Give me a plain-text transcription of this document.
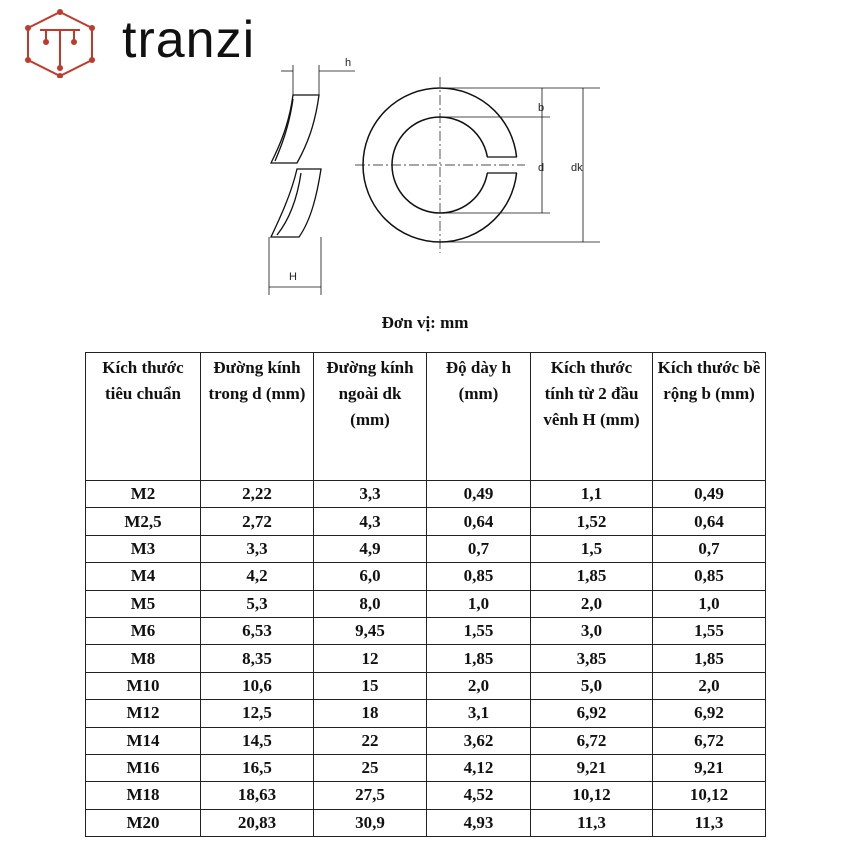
tranzi	h
H
b
d dk
Đơn vị: mm
Kích thước tiêu chuẩn	Đường kính trong d (mm)	Đường kính ngoài dk (mm)	Độ dày h (mm)	Kích thước tính từ 2 đầu vênh H (mm)	Kích thước bề rộng b (mm)
M2	2,22	3,3	0,49	1,1	0,49
M2,5	2,72	4,3	0,64	1,52	0,64
M3	3,3	4,9	0,7	1,5	0,7
M4	4,2	6,0	0,85	1,85	0,85
M5	5,3	8,0	1,0	2,0	1,0
M6	6,53	9,45	1,55	3,0	1,55
M8	8,35	12	1,85	3,85	1,85
M10	10,6	15	2,0	5,0	2,0
M12	12,5	18	3,1	6,92	6,92
M14	14,5	22	3,62	6,72	6,72
M16	16,5	25	4,12	9,21	9,21
M18	18,63	27,5	4,52	10,12	10,12
M20	20,83	30,9	4,93	11,3	11,3
